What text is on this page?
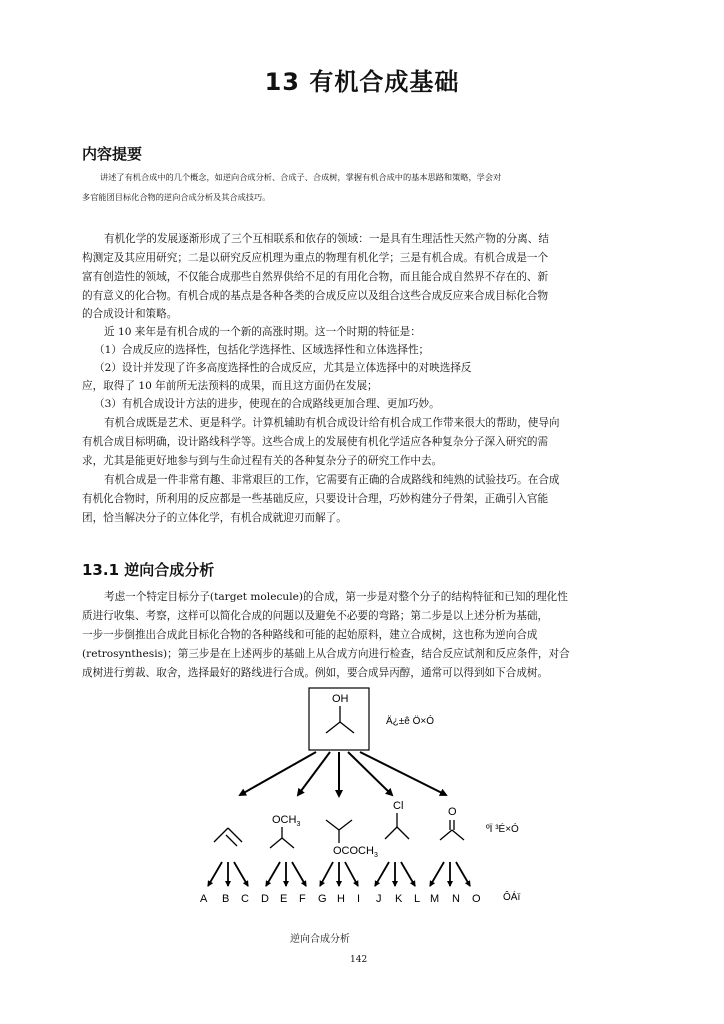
13 有机合成基础
内容提要
讲述了有机合成中的几个概念，如逆向合成分析、合成子、合成树，掌握有机合成中的基本思路和策略，学会对
多官能团目标化合物的逆向合成分析及其合成技巧。
有机化学的发展逐渐形成了三个互相联系和依存的领域：一是具有生理活性天然产物的分离、结
构测定及其应用研究；二是以研究反应机理为重点的物理有机化学；三是有机合成。有机合成是一个
富有创造性的领域，不仅能合成那些自然界供给不足的有用化合物，而且能合成自然界不存在的、新
的有意义的化合物。有机合成的基点是各种各类的合成反应以及组合这些合成反应来合成目标化合物
的合成设计和策略。
近 10 来年是有机合成的一个新的高涨时期。这一个时期的特征是：
（1）合成反应的选择性，包括化学选择性、区域选择性和立体选择性；
（2）设计并发现了许多高度选择性的合成反应，尤其是立体选择中的对映选择反
应，取得了 10 年前所无法预料的成果，而且这方面仍在发展；
（3）有机合成设计方法的进步，使现在的合成路线更加合理、更加巧妙。
有机合成既是艺术、更是科学。计算机辅助有机合成设计给有机合成工作带来很大的帮助，使导向
有机合成目标明确，设计路线科学等。这些合成上的发展使有机化学适应各种复杂分子深入研究的需
求，尤其是能更好地参与到与生命过程有关的各种复杂分子的研究工作中去。
有机合成是一件非常有趣、非常艰巨的工作，它需要有正确的合成路线和纯熟的试验技巧。在合成
有机化合物时，所利用的反应都是一些基础反应，只要设计合理，巧妙构建分子骨架，正确引入官能
团，恰当解决分子的立体化学，有机合成就迎刃而解了。
13.1 逆向合成分析
考虑一个特定目标分子(target molecule)的合成，第一步是对整个分子的结构特征和已知的理化性
质进行收集、考察，这样可以简化合成的问题以及避免不必要的弯路；第二步是以上述分析为基础，
一步一步倒推出合成此目标化合物的各种路线和可能的起始原料，建立合成树，这也称为逆向合成
(retrosynthesis)；第三步是在上述两步的基础上从合成方向进行检查，结合反应试剂和反应条件，对合
成树进行剪裁、取舍，选择最好的路线进行合成。例如，要合成异丙醇，通常可以得到如下合成树。
OH
Ä¿±ê Ö×Ó
$OCH_3$
$OCOCH_3$
Cl	O
ºÏ ³É×Ó
A B C D E F G H I J K L M N O ÔÁï
逆向合成分析
142
